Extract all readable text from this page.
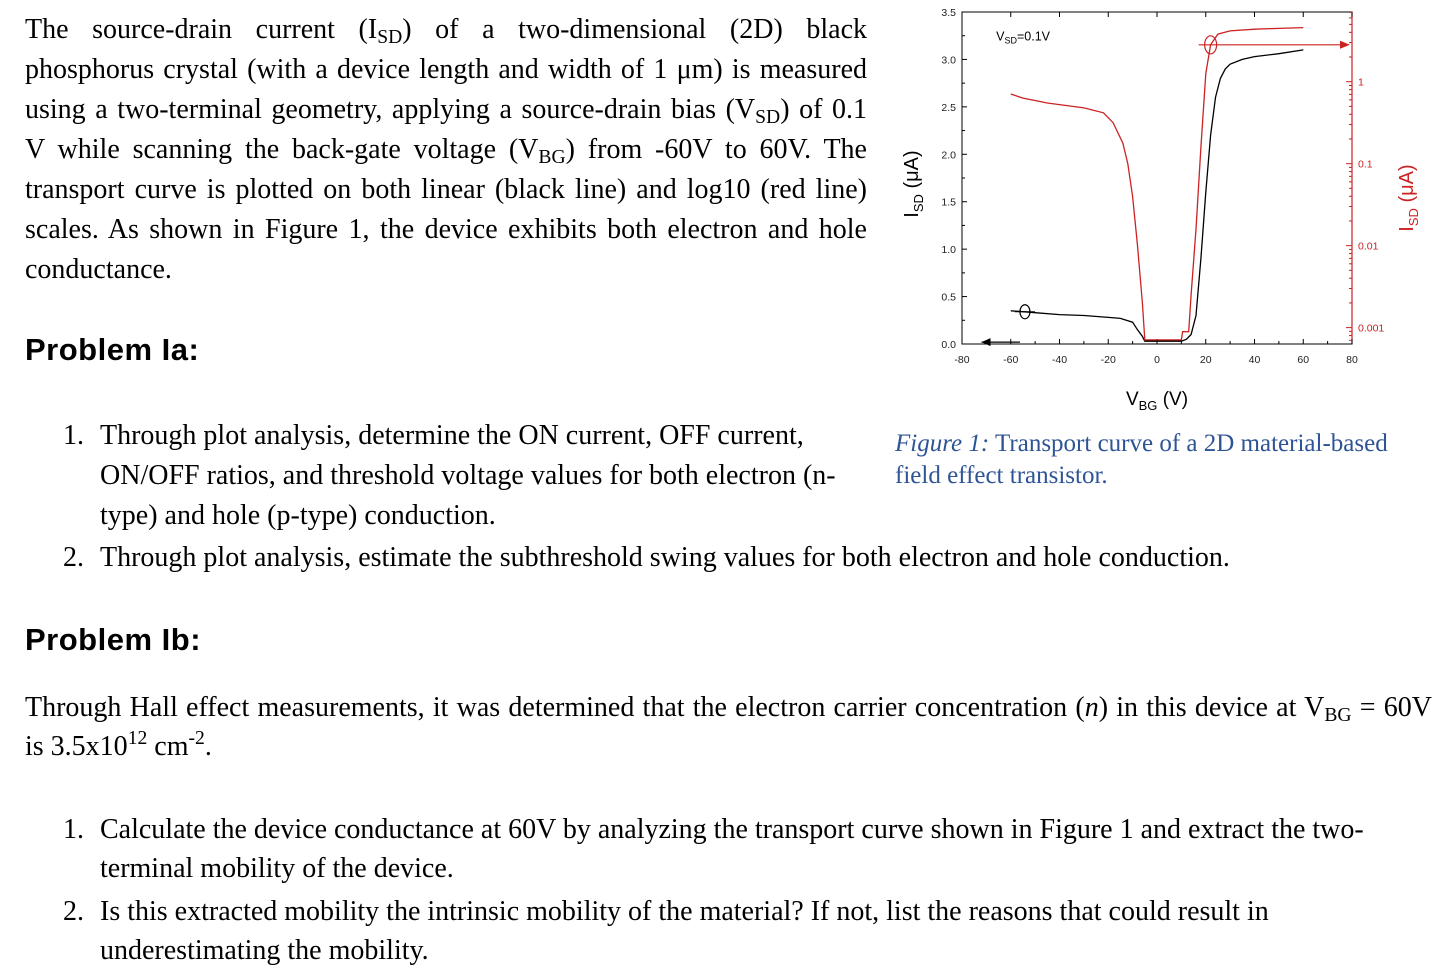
The source-drain current $(I_{SD})$ of a two-dimensional (2D) black phosphorus crystal (with a device length and width of 1 μm) is measured using a two-terminal geometry, applying a source-drain bias $(V_{SD})$ of 0.1 V while scanning the back-gate voltage $(V_{BG})$ from -60V to 60V. The transport curve is plotted on both linear (black line) and log10 (red line) scales. As shown in Figure 1, the device exhibits both electron and hole conductance.

Problem Ia:
1. Through plot analysis, determine the ON current, OFF current, ON/OFF ratios, and threshold voltage values for both electron (n-type) and hole (p-type) conduction.
2. Through plot analysis, estimate the subthreshold swing values for both electron and hole conduction.
-80	-60	-40	-20	0	20	40	60	80
0.0
0.5
1.0
1.5
2.0
2.5
3.0
3.5
0.001
0.01
0.1
1
$V_{SD}=0.1V$
$V_{BG}$ (V)
$I_{SD}$ (μA)
$I_{SD}$ (μA)

Figure 1: Transport curve of a 2D material-based field effect transistor.

Problem Ib:

Through Hall effect measurements, it was determined that the electron carrier concentration (n) in this device at $V_{BG} = 60V$ is $3.5x10^{12}$ $cm^{-2}$.

1. Calculate the device conductance at 60V by analyzing the transport curve shown in Figure 1 and extract the two-terminal mobility of the device.
2. Is this extracted mobility the intrinsic mobility of the material? If not, list the reasons that could result in underestimating the mobility.
